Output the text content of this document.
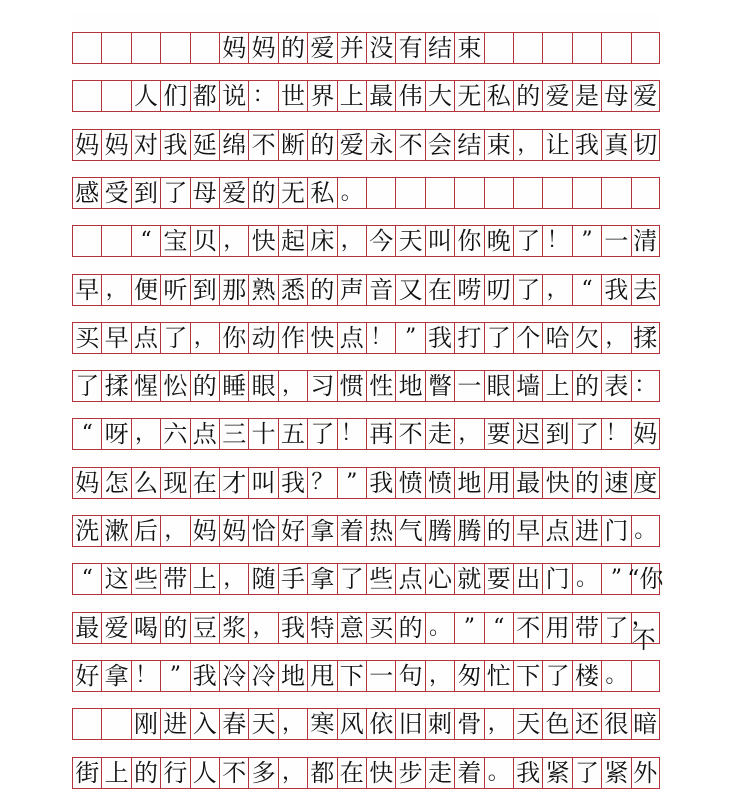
妈 妈 的 爱 并 没 有 结 束
人 们 都 说 ： 世 界 上 最 伟 大 无 私 的 爱 是 母 爱
妈 妈 对 我 延 绵 不 断 的 爱 永 不 会 结 束 ， 让 我 真 切
感 受 到 了 母 爱 的 无 私 。
“ 宝 贝 ， 快 起 床 ， 今 天 叫 你 晚 了 ！ ” 一 清
早 ， 便 听 到 那 熟 悉 的 声 音 又 在 唠 叨 了 ， “ 我 去
买 早 点 了 ， 你 动 作 快 点 ！ ” 我 打 了 个 哈 欠 ， 揉
了 揉 惺 忪 的 睡 眼 ， 习 惯 性 地 瞥 一 眼 墙 上 的 表 ：
“ 呀 ， 六 点 三 十 五 了 ！ 再 不 走 ， 要 迟 到 了 ！ 妈
妈 怎 么 现 在 才 叫 我 ？ ” 我 愤 愤 地 用 最 快 的 速 度
洗 漱 后 ， 妈 妈 恰 好 拿 着 热 气 腾 腾 的 早 点 进 门 。
“ 这 些 带 上 ， 随 手 拿 了 些 点 心 就 要 出 门 。 ” “你
最 爱 喝 的 豆 浆 ， 我 特 意 买 的 。 ” “ 不 用 带 了 ，不
好 拿 ！ ” 我 冷 冷 地 甩 下 一 句 ， 匆 忙 下 了 楼 。
刚 进 入 春 天 ， 寒 风 依 旧 刺 骨 ， 天 色 还 很 暗
街 上 的 行 人 不 多 ， 都 在 快 步 走 着 。 我 紧 了 紧 外
